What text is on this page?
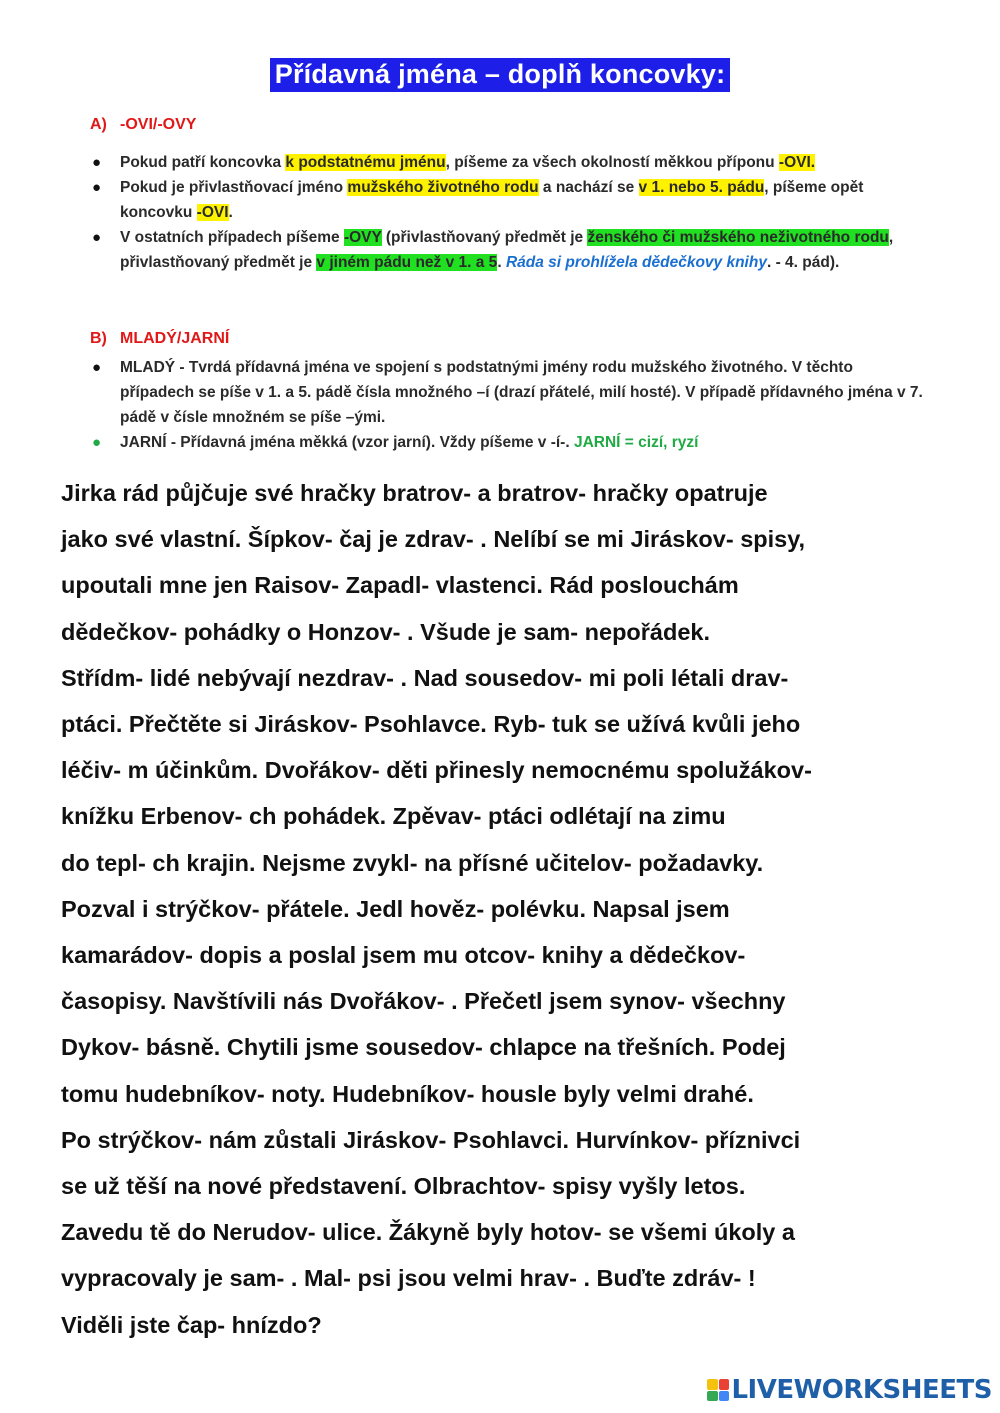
Přídavná jména – doplň koncovky:
A) -OVI/-OVY
● Pokud patří koncovka k podstatnému jménu, píšeme za všech okolností měkkou příponu -OVI.
● Pokud je přivlastňovací jméno mužského životného rodu a nachází se v 1. nebo 5. pádu, píšeme opět koncovku -OVI.
● V ostatních případech píšeme -OVY (přivlastňovaný předmět je ženského či mužského neživotného rodu, přivlastňovaný předmět je v jiném pádu než v 1. a 5. Ráda si prohlížela dědečkovy knihy. - 4. pád).
B) MLADÝ/JARNÍ
● MLADÝ - Tvrdá přídavná jména ve spojení s podstatnými jmény rodu mužského životného. V těchto případech se píše v 1. a 5. pádě čísla množného –í (drazí přátelé, milí hosté). V případě přídavného jména v 7. pádě v čísle množném se píše –ými.
● JARNÍ - Přídavná jména měkká (vzor jarní). Vždy píšeme v -í-. JARNÍ = cizí, ryzí
Jirka rád půjčuje své hračky bratrov- a bratrov- hračky opatruje
jako své vlastní. Šípkov- čaj je zdrav- . Nelíbí se mi Jiráskov- spisy,
upoutali mne jen Raisov- Zapadl- vlastenci. Rád poslouchám
dědečkov- pohádky o Honzov- . Všude je sam- nepořádek.
Střídm- lidé nebývají nezdrav- . Nad sousedov- mi poli létali drav-
ptáci. Přečtěte si Jiráskov- Psohlavce. Ryb- tuk se užívá kvůli jeho
léčiv- m účinkům. Dvořákov- děti přinesly nemocnému spolužákov-
knížku Erbenov- ch pohádek. Zpěvav- ptáci odlétají na zimu
do tepl- ch krajin. Nejsme zvykl- na přísné učitelov- požadavky.
Pozval i strýčkov- přátele. Jedl hověz- polévku. Napsal jsem
kamarádov- dopis a poslal jsem mu otcov- knihy a dědečkov-
časopisy. Navštívili nás Dvořákov- . Přečetl jsem synov- všechny
Dykov- básně. Chytili jsme sousedov- chlapce na třešních. Podej
tomu hudebníkov- noty. Hudebníkov- housle byly velmi drahé.
Po strýčkov- nám zůstali Jiráskov- Psohlavci. Hurvínkov- příznivci
se už těší na nové představení. Olbrachtov- spisy vyšly letos.
Zavedu tě do Nerudov- ulice. Žákyně byly hotov- se všemi úkoly a
vypracovaly je sam- . Mal- psi jsou velmi hrav- . Buďte zdráv- !
Viděli jste čap- hnízdo?
LIVEWORKSHEETS
